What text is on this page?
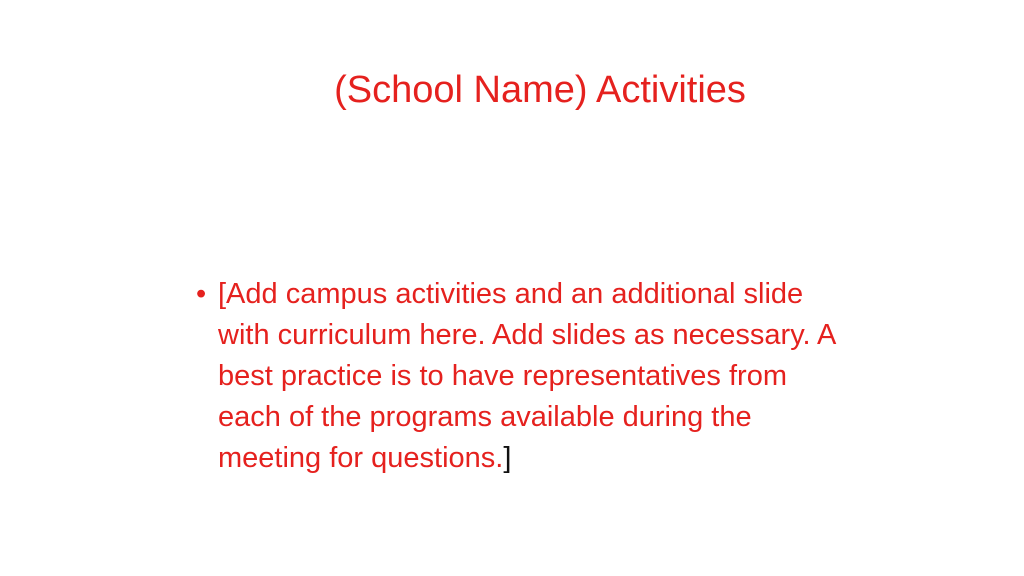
(School Name) Activities
• [Add campus activities and an additional slide with curriculum here. Add slides as necessary. A best practice is to have representatives from each of the programs available during the meeting for questions.]
